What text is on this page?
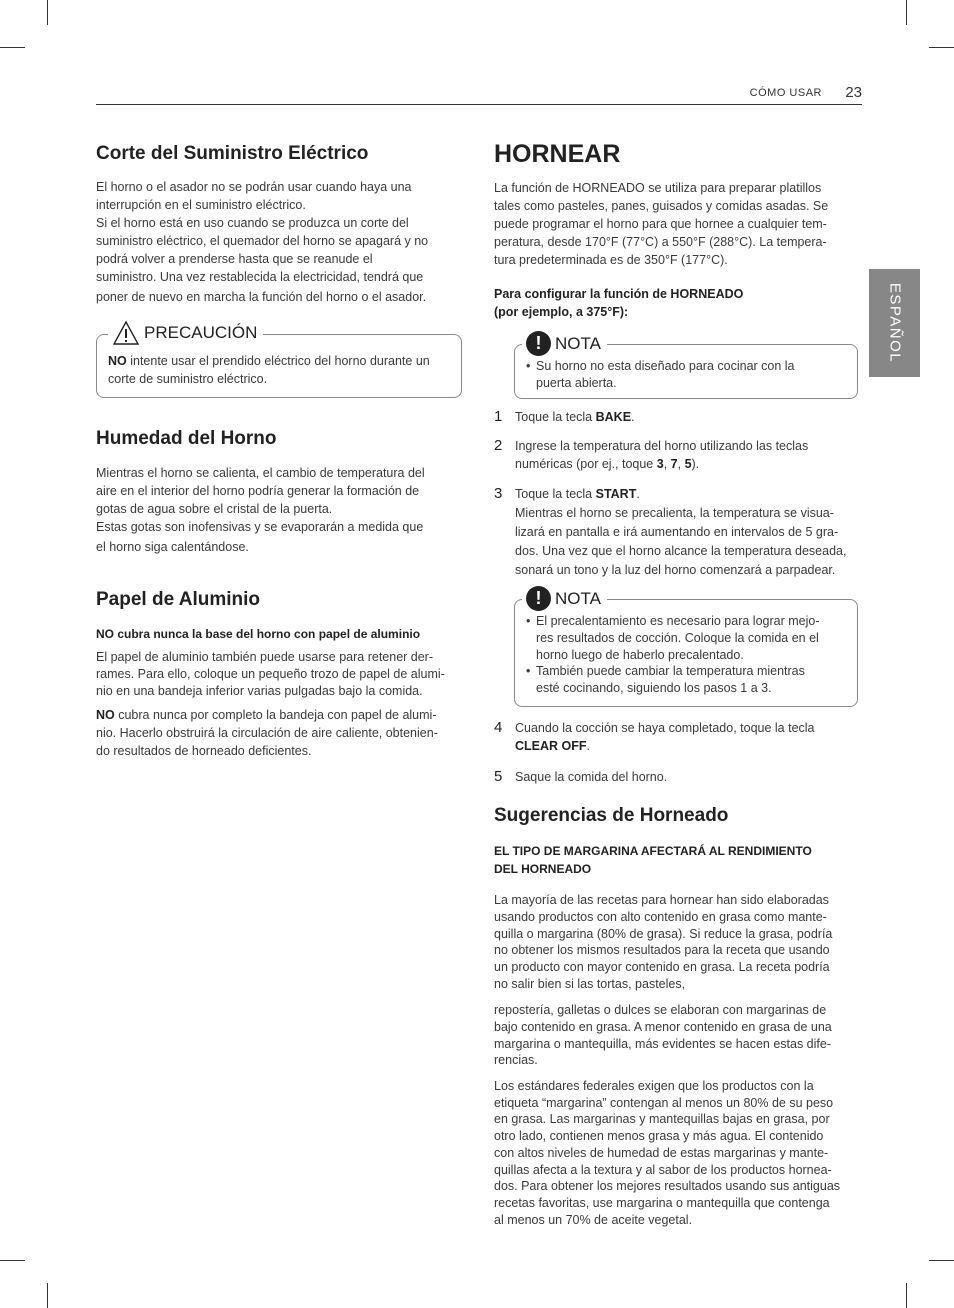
CÓMO USAR	23
ESPAÑOL
Corte del Suministro Eléctrico
El horno o el asador no se podrán usar cuando haya una
interrupción en el suministro eléctrico.
Si el horno está en uso cuando se produzca un corte del
suministro eléctrico, el quemador del horno se apagará y no
podrá volver a prenderse hasta que se reanude el
suministro. Una vez restablecida la electricidad, tendrá que
poner de nuevo en marcha la función del horno o el asador.
PRECAUCIÓN
NO intente usar el prendido eléctrico del horno durante un
corte de suministro eléctrico.
Humedad del Horno
Mientras el horno se calienta, el cambio de temperatura del
aire en el interior del horno podría generar la formación de
gotas de agua sobre el cristal de la puerta.
Estas gotas son inofensivas y se evaporarán a medida que
el horno siga calentándose.
Papel de Aluminio
NO cubra nunca la base del horno con papel de aluminio
El papel de aluminio también puede usarse para retener der-
rames. Para ello, coloque un pequeño trozo de papel de alumi-
nio en una bandeja inferior varias pulgadas bajo la comida.
NO cubra nunca por completo la bandeja con papel de alumi-
nio. Hacerlo obstruirá la circulación de aire caliente, obtenien-
do resultados de horneado deficientes.
HORNEAR
La función de HORNEADO se utiliza para preparar platillos
tales como pasteles, panes, guisados y comidas asadas. Se
puede programar el horno para que hornee a cualquier tem-
peratura, desde 170°F (77°C) a 550°F (288°C). La tempera-
tura predeterminada es de 350°F (177°C).
Para configurar la función de HORNEADO
(por ejemplo, a 375°F):
! NOTA
• Su horno no esta diseñado para cocinar con la
puerta abierta.
1 Toque la tecla BAKE.
2 Ingrese la temperatura del horno utilizando las teclas
numéricas (por ej., toque 3, 7, 5).
3 Toque la tecla START.
Mientras el horno se precalienta, la temperatura se visua-
lizará en pantalla e irá aumentando en intervalos de 5 gra-
dos. Una vez que el horno alcance la temperatura deseada,
sonará un tono y la luz del horno comenzará a parpadear.
! NOTA
• El precalentamiento es necesario para lograr mejo-
res resultados de cocción. Coloque la comida en el
horno luego de haberlo precalentado.
• También puede cambiar la temperatura mientras
esté cocinando, siguiendo los pasos 1 a 3.
4 Cuando la cocción se haya completado, toque la tecla
CLEAR OFF.
5 Saque la comida del horno.
Sugerencias de Horneado
EL TIPO DE MARGARINA AFECTARÁ AL RENDIMIENTO
DEL HORNEADO
La mayoría de las recetas para hornear han sido elaboradas
usando productos con alto contenido en grasa como mante-
quilla o margarina (80% de grasa). Si reduce la grasa, podría
no obtener los mismos resultados para la receta que usando
un producto con mayor contenido en grasa. La receta podría
no salir bien si las tortas, pasteles,
repostería, galletas o dulces se elaboran con margarinas de
bajo contenido en grasa. A menor contenido en grasa de una
margarina o mantequilla, más evidentes se hacen estas dife-
rencias.
Los estándares federales exigen que los productos con la
etiqueta “margarina” contengan al menos un 80% de su peso
en grasa. Las margarinas y mantequillas bajas en grasa, por
otro lado, contienen menos grasa y más agua. El contenido
con altos niveles de humedad de estas margarinas y mante-
quillas afecta a la textura y al sabor de los productos hornea-
dos. Para obtener los mejores resultados usando sus antiguas
recetas favoritas, use margarina o mantequilla que contenga
al menos un 70% de aceite vegetal.
